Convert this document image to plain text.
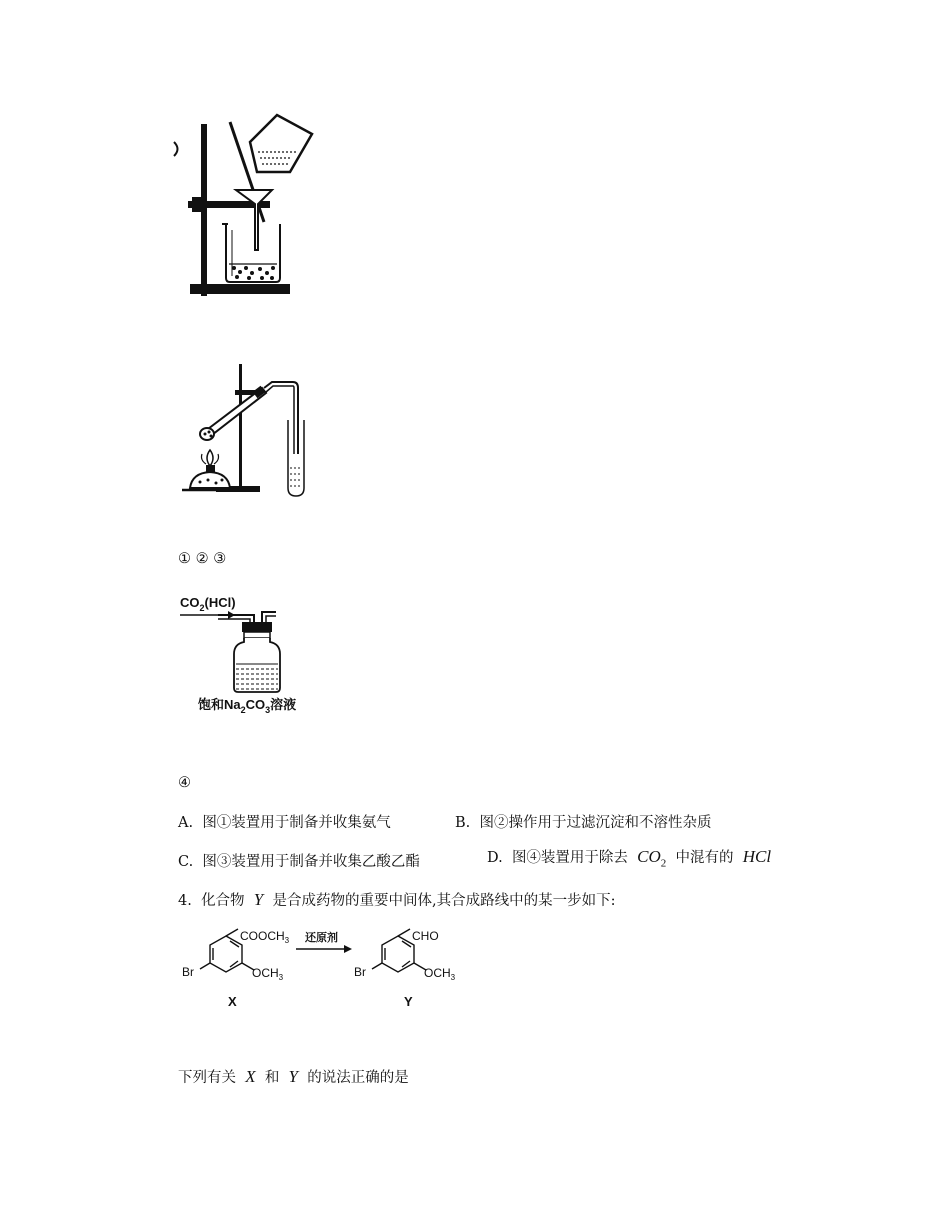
① ② ③
$CO_2(HCl)$
饱和$Na_2CO_3$溶液
④
A. 图①装置用于制备并收集氨气	B. 图②操作用于过滤沉淀和不溶性杂质
C. 图③装置用于制备并收集乙酸乙酯	D. 图④装置用于除去 $CO_2$ 中混有的 HCl
4. 化合物 Y 是合成药物的重要中间体,其合成路线中的某一步如下:
$COOCH_3$
$OCH_3$
Br
X
还原剂	CHO
$OCH_3$
Br
Y
下列有关 X 和 Y 的说法正确的是
